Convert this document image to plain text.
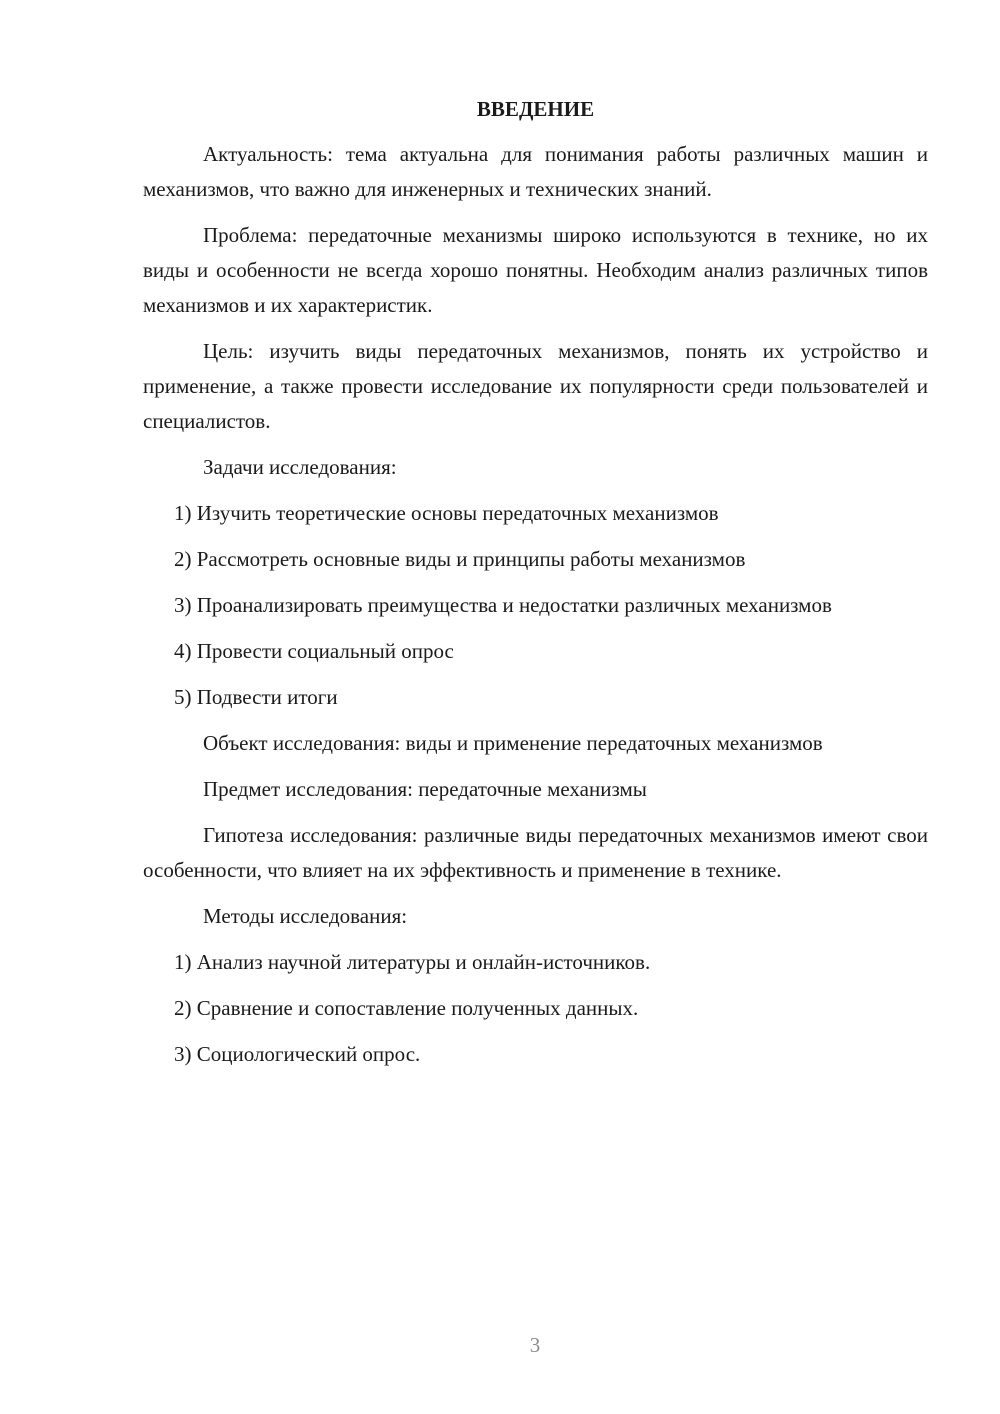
ВВЕДЕНИЕ

Актуальность: тема актуальна для понимания работы различных машин и механизмов, что важно для инженерных и технических знаний.

Проблема: передаточные механизмы широко используются в технике, но их виды и особенности не всегда хорошо понятны. Необходим анализ различных типов механизмов и их характеристик.

Цель: изучить виды передаточных механизмов, понять их устройство и применение, а также провести исследование их популярности среди пользователей и специалистов.

Задачи исследования:

1) Изучить теоретические основы передаточных механизмов

2) Рассмотреть основные виды и принципы работы механизмов

3) Проанализировать преимущества и недостатки различных механизмов

4) Провести социальный опрос

5) Подвести итоги

Объект исследования: виды и применение передаточных механизмов

Предмет исследования: передаточные механизмы

Гипотеза исследования: различные виды передаточных механизмов имеют свои особенности, что влияет на их эффективность и применение в технике.

Методы исследования:

1) Анализ научной литературы и онлайн-источников.

2) Сравнение и сопоставление полученных данных.

3) Социологический опрос.

3
